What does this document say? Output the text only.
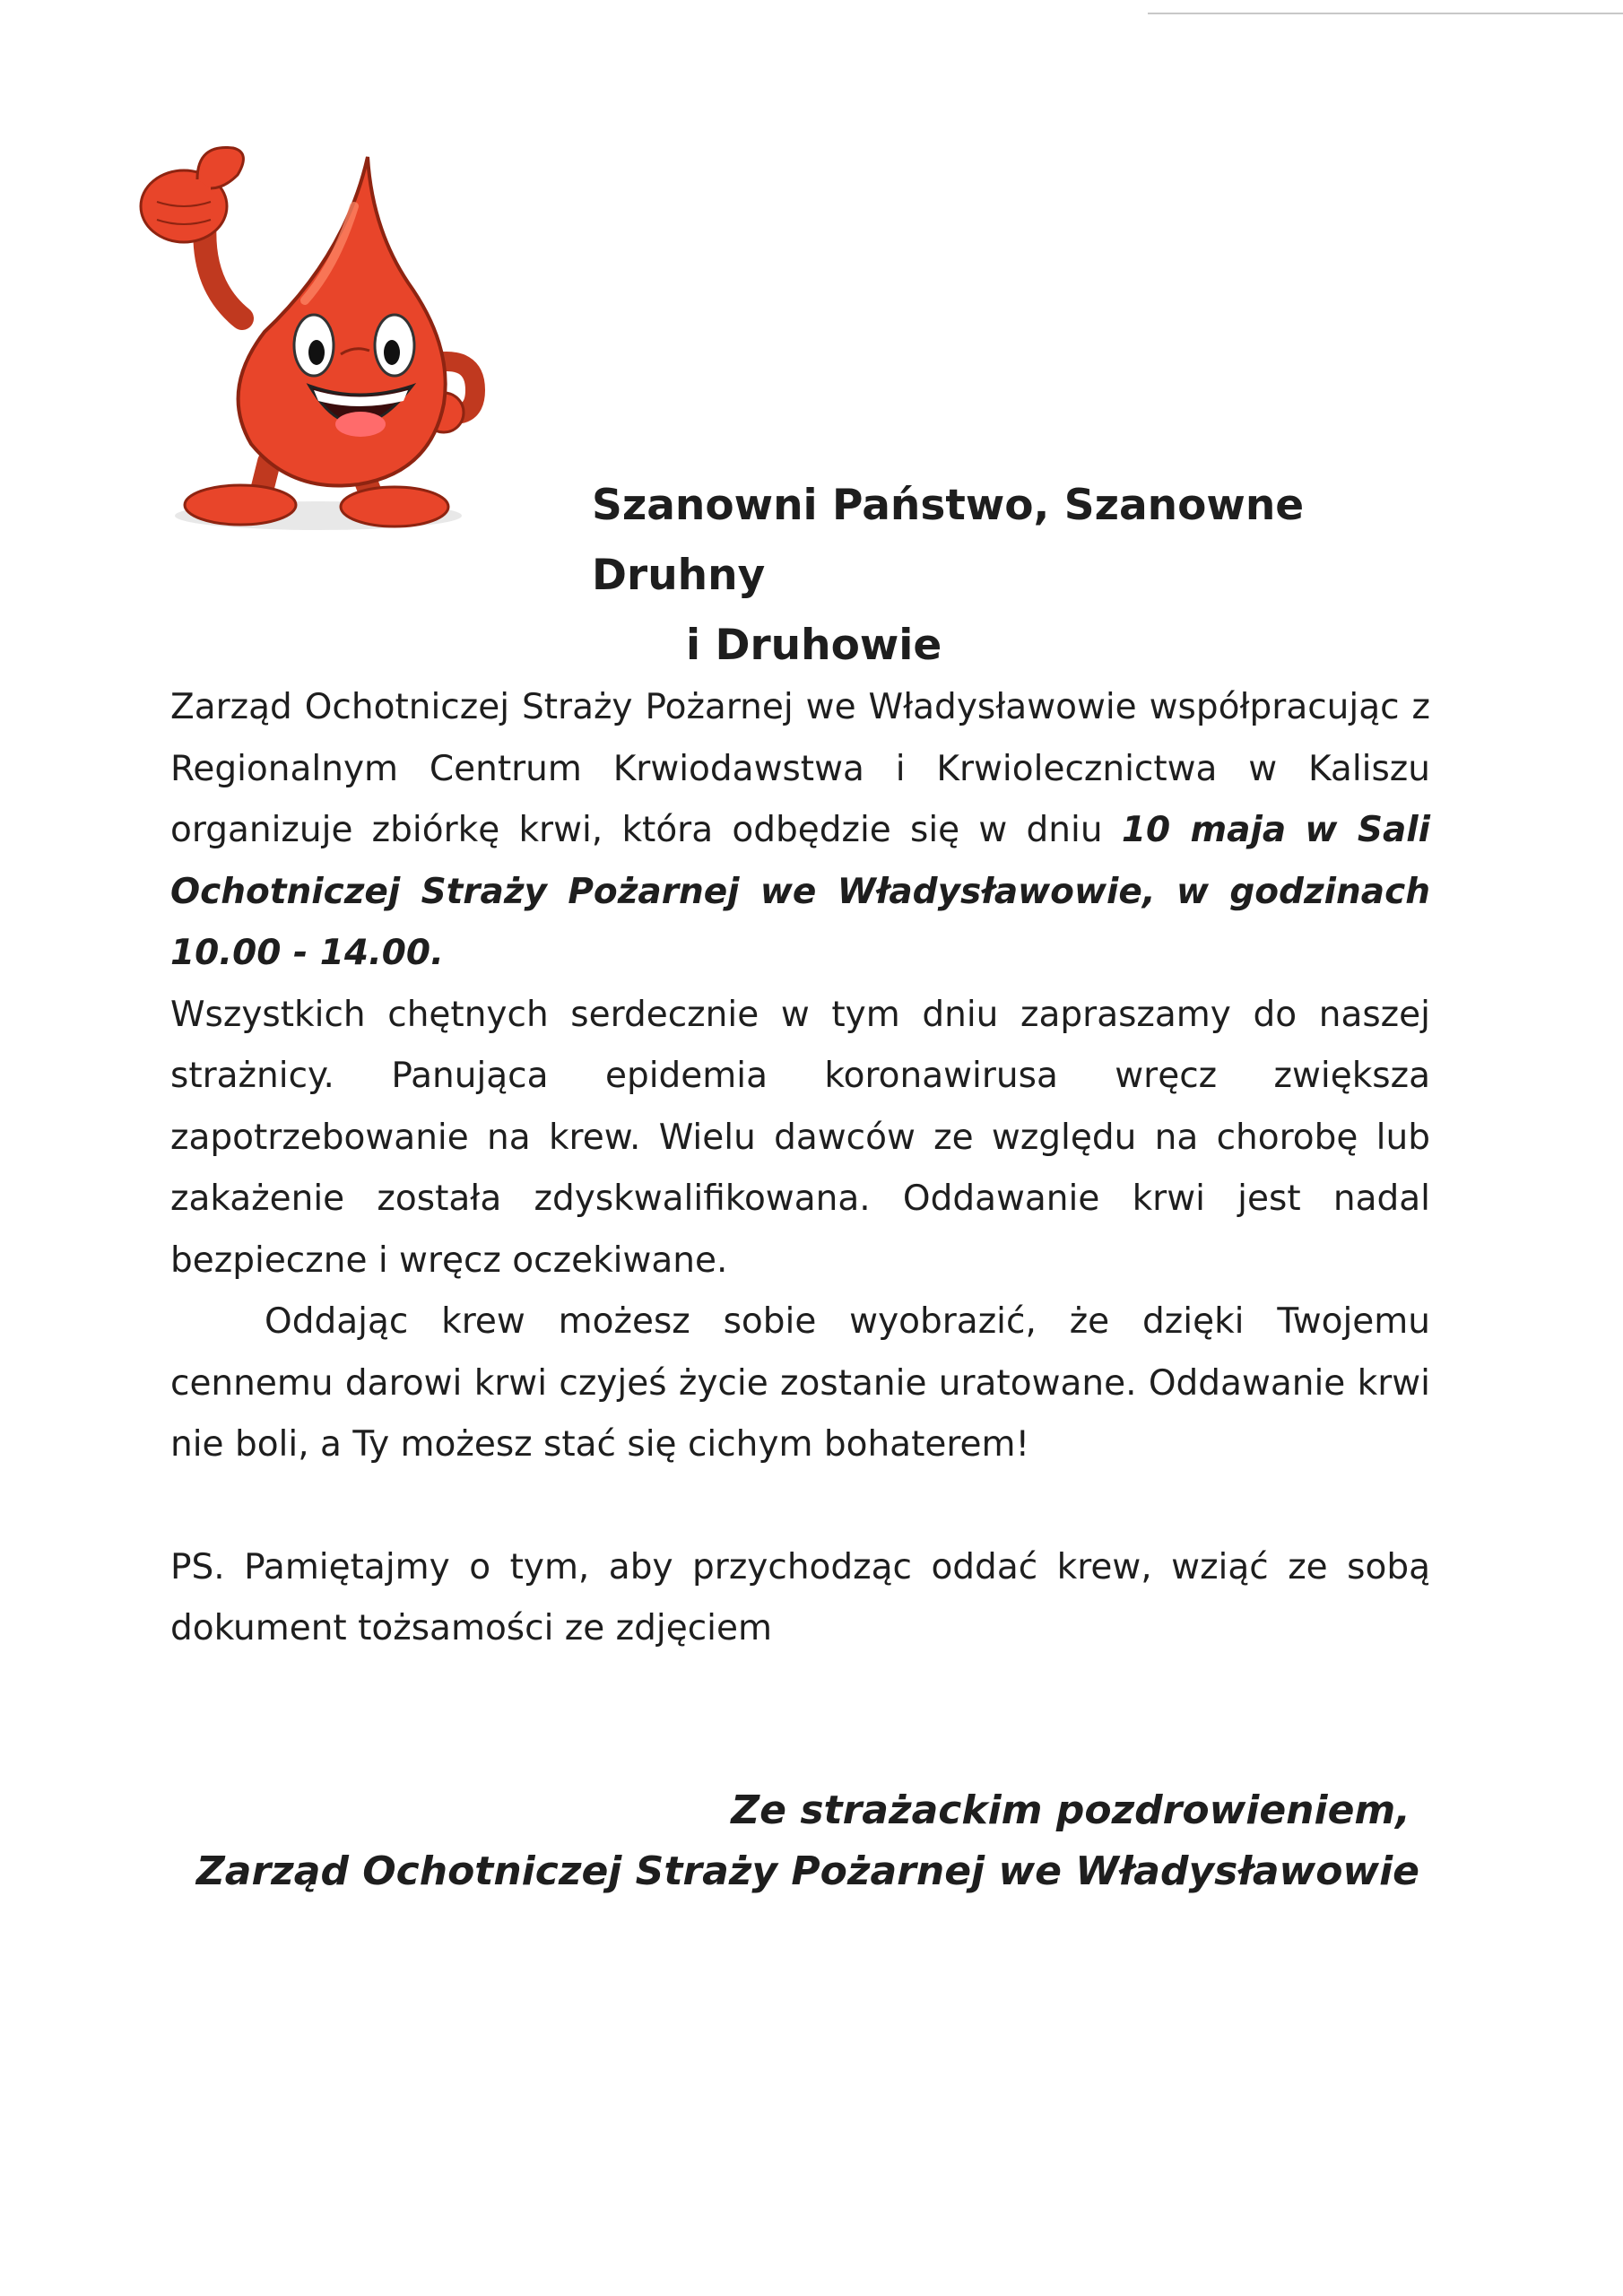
Szanowni Państwo, Szanowne Druhny
i Druhowie

Zarząd Ochotniczej Straży Pożarnej we Władysławowie współpracując z Regionalnym Centrum Krwiodawstwa i Krwiolecznictwa w Kaliszu organizuje zbiórkę krwi, która odbędzie się w dniu 10 maja w Sali Ochotniczej Straży Pożarnej we Władysławowie, w godzinach 10.00 - 14.00.

Wszystkich chętnych serdecznie w tym dniu zapraszamy do naszej strażnicy. Panująca epidemia koronawirusa wręcz zwiększa zapotrzebowanie na krew. Wielu dawców ze względu na chorobę lub zakażenie została zdyskwalifikowana. Oddawanie krwi jest nadal bezpieczne i wręcz oczekiwane.

Oddając krew możesz sobie wyobrazić, że dzięki Twojemu cennemu darowi krwi czyjeś życie zostanie uratowane. Oddawanie krwi nie boli, a Ty możesz stać się cichym bohaterem!

PS. Pamiętajmy o tym, aby przychodząc oddać krew, wziąć ze sobą dokument tożsamości ze zdjęciem

Ze strażackim pozdrowieniem,
Zarząd Ochotniczej Straży Pożarnej we Władysławowie
